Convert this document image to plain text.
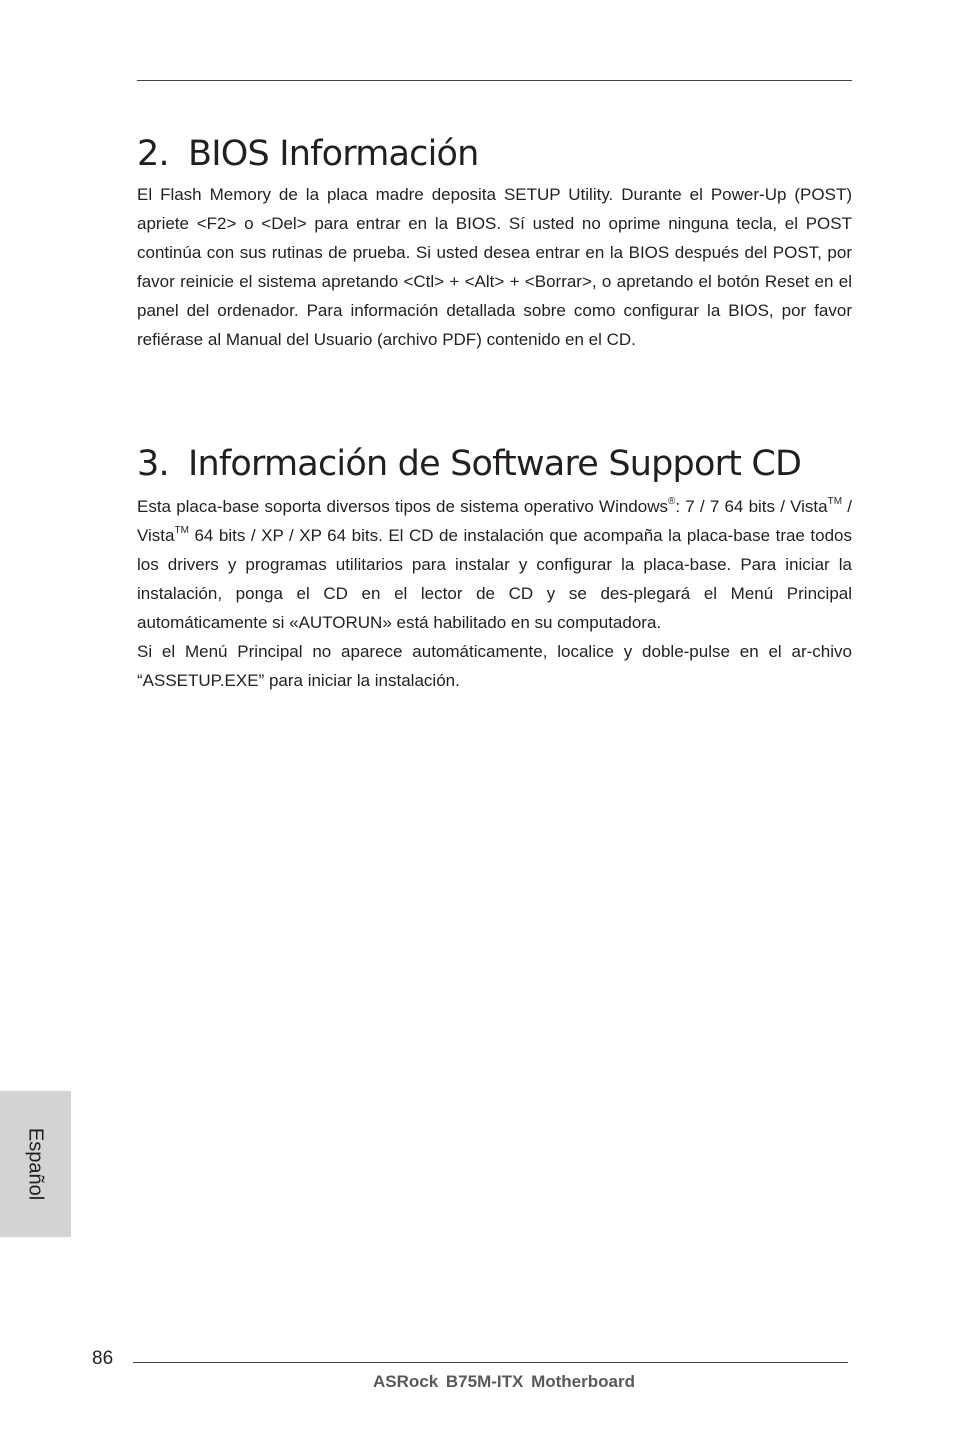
2. BIOS Información

El Flash Memory de la placa madre deposita SETUP Utility. Durante el Power-Up (POST) apriete <F2> o <Del> para entrar en la BIOS. Sí usted no oprime ninguna tecla, el POST continúa con sus rutinas de prueba. Si usted desea entrar en la BIOS después del POST, por favor reinicie el sistema apretando <Ctl> + <Alt> + <Borrar>, o apretando el botón Reset en el panel del ordenador. Para información detallada sobre como configurar la BIOS, por favor refiérase al Manual del Usuario (archivo PDF) contenido en el CD.

3. Información de Software Support CD

Esta placa-base soporta diversos tipos de sistema operativo Windows®: 7 / 7 64 bits / Vista™ / Vista™ 64 bits / XP / XP 64 bits. El CD de instalación que acompaña la placa-base trae todos los drivers y programas utilitarios para instalar y configurar la placa-base. Para iniciar la instalación, ponga el CD en el lector de CD y se des-plegará el Menú Principal automáticamente si «AUTORUN» está habilitado en su computadora.

Si el Menú Principal no aparece automáticamente, localice y doble-pulse en el ar-chivo “ASSETUP.EXE” para iniciar la instalación.

Español
86
ASRock B75M-ITX Motherboard
